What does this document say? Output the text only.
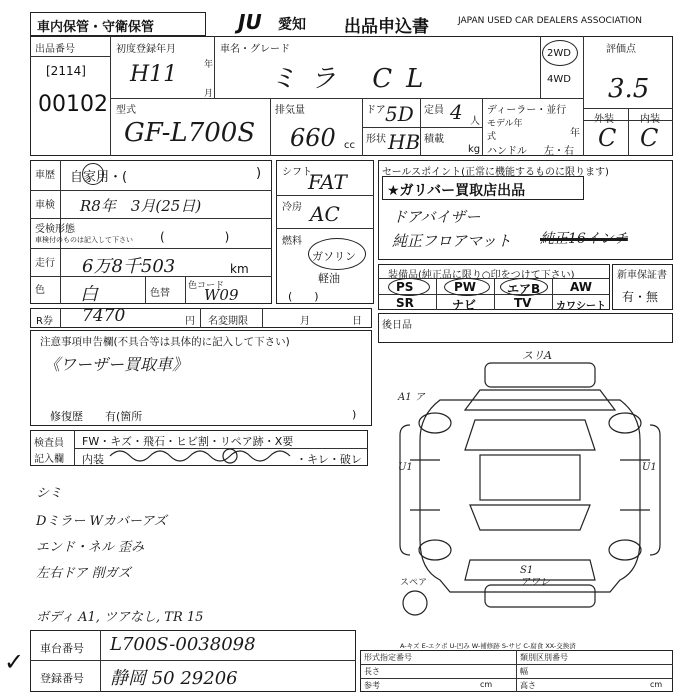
車内保管・守衛保管	JU 愛知 出品申込書	JAPAN USED CAR DEALERS ASSOCIATION
出品番号
[2114]
00102
初度登録年月
H11	年
月
車名・グレード
ミラ CL
2WD
4WD
評価点
3.5
外装	内装
C C
型式
GF-L700S
排気量
660 cc
ドア 5D
形状 HB
定員 4 人
積載
kg
ディーラー・並行
モデル年式	年
ハンドル 左・右
車歴 自家用・(	)
車検 R8年　3月(25日)
受検形態
車検付のものは記入して下さい (　　　　　)
走行 6万8千503	km
色 白	色替
色コード
W09
シフト
FAT
冷房 AC
燃料
ガソリン
軽油
(　　)
セールスポイント(正常に機能するものに限ります)
★ガリバー買取店出品
ドアバイザー
純正フロアマット 純正16インチ
装備品(純正品に限り○印をつけて下さい)
PS	PW	エアB AW
SR	ナビ	TV カワシート
新車保証書
有・無
R券 7470	円 名変期限	月	日 後日品
注意事項申告欄(不具合等は具体的に記入して下さい)
《ワーザー買取車》
修復歴　　有(箇所	)
検査員
記入欄
FW・キズ・飛石・ヒビ割・リペア跡・X要
内装	・キレ・破レ
シミ
Dミラー Wカバーアズ
エンド・ネル 歪み
左右ドア 削ガズ
ボディ A1, ツアなし, TR 15
スリA
A1 ア
U1	U1
S1
アワレ
スペア
A-キズ E-エクボ U-凹み W-補修跡 S-サビ C-腐食 XX-交換済
車台番号 L700S-0038098
登録番号 静岡 50 29206
✓	形式指定番号	類別区別番号
長さ	幅
参考	cm	高さ	cm
